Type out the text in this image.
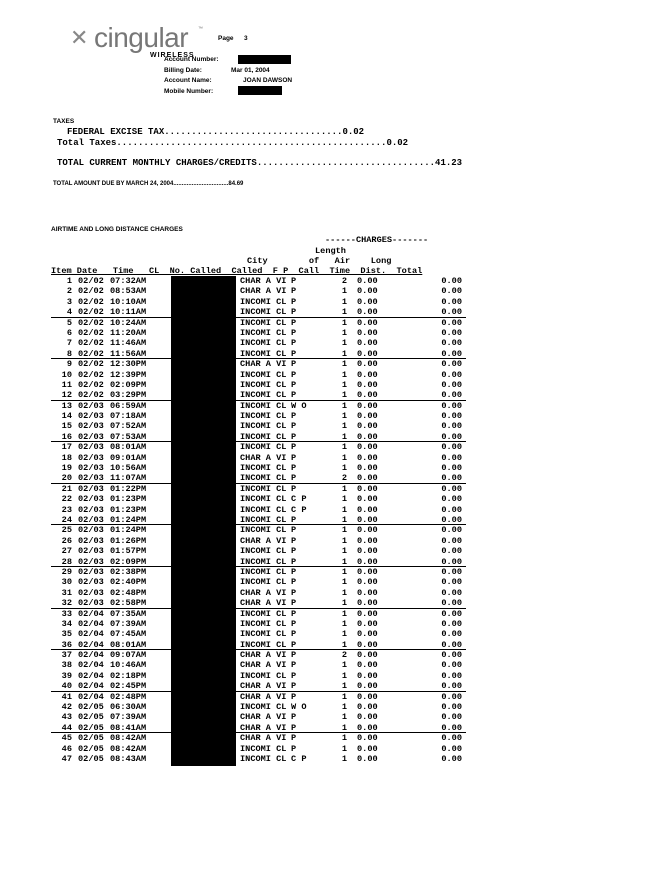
✕ cingular ™
WIRELESS
Page 3
Account Number:
Billing Date:	Mar 01, 2004
Account Name:	JOAN DAWSON
Mobile Number:
TAXES
FEDERAL EXCISE TAX.................................0.02
Total Taxes..................................................0.02
TOTAL CURRENT MONTHLY CHARGES/CREDITS.................................41.23
TOTAL AMOUNT DUE BY MARCH 24, 2004.................................84.69
AIRTIME AND LONG DISTANCE CHARGES
------CHARGES-------
Length
City        of   Air    Long
Item Date   Time   CL  No. Called  Called  F P  Call  Time  Dist.  Total
1 02/02 07:32AM	CHAR A VI P	2 0.00	0.00
2 02/02 08:53AM	CHAR A VI P	1 0.00	0.00
3 02/02 10:10AM	INCOMI CL P	1 0.00	0.00
4 02/02 10:11AM	INCOMI CL P	1 0.00	0.00
5 02/02 10:24AM	INCOMI CL P	1 0.00	0.00
6 02/02 11:20AM	INCOMI CL P	1 0.00	0.00
7 02/02 11:46AM	INCOMI CL P	1 0.00	0.00
8 02/02 11:56AM	INCOMI CL P	1 0.00	0.00
9 02/02 12:30PM	CHAR A VI P	1 0.00	0.00
10 02/02 12:39PM	INCOMI CL P	1 0.00	0.00
11 02/02 02:09PM	INCOMI CL P	1 0.00	0.00
12 02/02 03:29PM	INCOMI CL P	1 0.00	0.00
13 02/03 06:59AM	INCOMI CL W O	1 0.00	0.00
14 02/03 07:18AM	INCOMI CL P	1 0.00	0.00
15 02/03 07:52AM	INCOMI CL P	1 0.00	0.00
16 02/03 07:53AM	INCOMI CL P	1 0.00	0.00
17 02/03 08:01AM	INCOMI CL P	1 0.00	0.00
18 02/03 09:01AM	CHAR A VI P	1 0.00	0.00
19 02/03 10:56AM	INCOMI CL P	1 0.00	0.00
20 02/03 11:07AM	INCOMI CL P	2 0.00	0.00
21 02/03 01:22PM	INCOMI CL P	1 0.00	0.00
22 02/03 01:23PM	INCOMI CL C P	1 0.00	0.00
23 02/03 01:23PM	INCOMI CL C P	1 0.00	0.00
24 02/03 01:24PM	INCOMI CL P	1 0.00	0.00
25 02/03 01:24PM	INCOMI CL P	1 0.00	0.00
26 02/03 01:26PM	CHAR A VI P	1 0.00	0.00
27 02/03 01:57PM	INCOMI CL P	1 0.00	0.00
28 02/03 02:09PM	INCOMI CL P	1 0.00	0.00
29 02/03 02:38PM	INCOMI CL P	1 0.00	0.00
30 02/03 02:40PM	INCOMI CL P	1 0.00	0.00
31 02/03 02:48PM	CHAR A VI P	1 0.00	0.00
32 02/03 02:58PM	CHAR A VI P	1 0.00	0.00
33 02/04 07:35AM	INCOMI CL P	1 0.00	0.00
34 02/04 07:39AM	INCOMI CL P	1 0.00	0.00
35 02/04 07:45AM	INCOMI CL P	1 0.00	0.00
36 02/04 08:01AM	INCOMI CL P	1 0.00	0.00
37 02/04 09:07AM	CHAR A VI P	2 0.00	0.00
38 02/04 10:46AM	CHAR A VI P	1 0.00	0.00
39 02/04 02:18PM	INCOMI CL P	1 0.00	0.00
40 02/04 02:45PM	CHAR A VI P	1 0.00	0.00
41 02/04 02:48PM	CHAR A VI P	1 0.00	0.00
42 02/05 06:30AM	INCOMI CL W O	1 0.00	0.00
43 02/05 07:39AM	CHAR A VI P	1 0.00	0.00
44 02/05 08:41AM	CHAR A VI P	1 0.00	0.00
45 02/05 08:42AM	CHAR A VI P	1 0.00	0.00
46 02/05 08:42AM	INCOMI CL P	1 0.00	0.00
47 02/05 08:43AM	INCOMI CL C P	1 0.00	0.00
